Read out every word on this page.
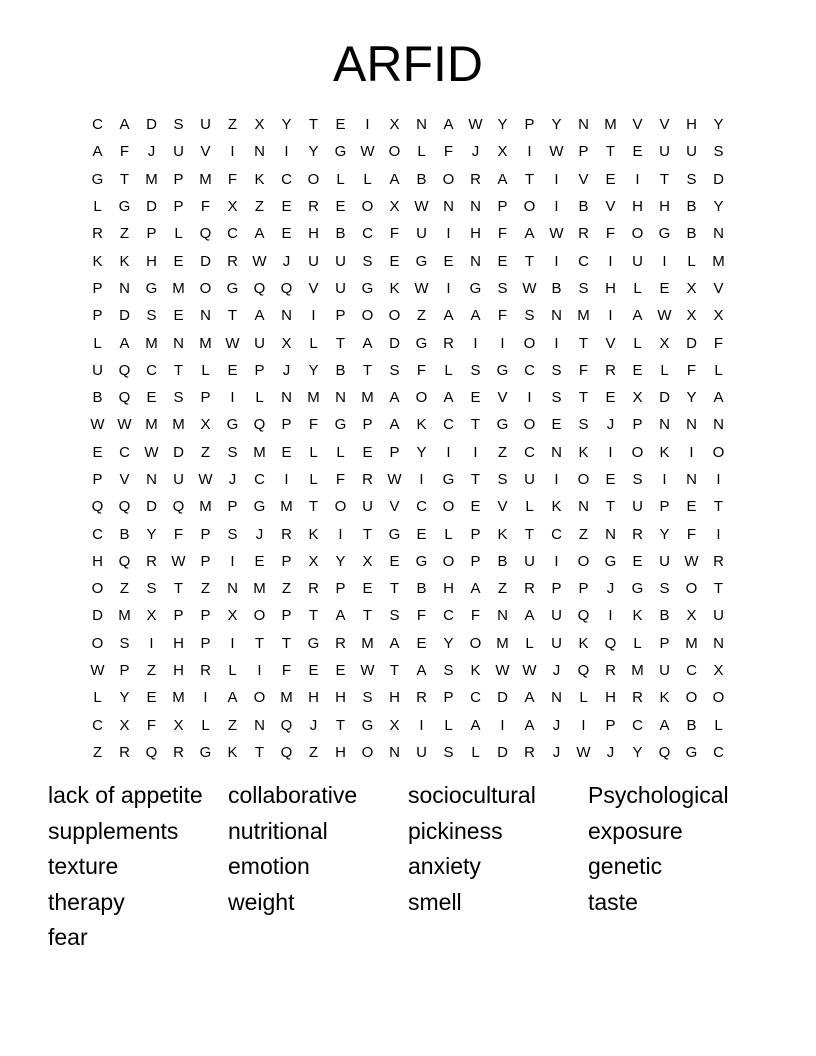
ARFID
C	A	D	S	U	Z	X	Y	T	E	I	X	N	A W Y	P	Y	N	M	V	V	H	Y
A	F	J	U	V	I	N	I	Y	G W O	L	F	J	X	I	W P	T	E	U	U	S
G	T	M	P	M	F	K	C	O	L	L	A	B	O	R	A	T	I	V	E	I	T	S	D
L	G	D	P	F	X	Z	E	R	E	O	X W N	N	P	O	I	B	V	H	H	B	Y
R	Z	P	L	Q	C	A	E	H	B	C	F	U	I	H	F	A W R	F	O	G	B	N
K	K	H	E	D	R W	J	U	U	S	E	G	E	N	E	T	I	C	I	U	I	L	M
P	N	G M O	G	Q	Q	V	U	G	K W	I	G	S W B	S	H	L	E	X	V
P	D	S	E	N	T	A	N	I	P	O	O	Z	A	A	F	S	N	M	I	A W X	X
L	A	M	N	M W U	X	L	T	A	D	G	R	I	I	O	I	T	V	L	X	D	F
U	Q	C	T	L	E	P	J	Y	B	T	S	F	L	S	G	C	S	F	R	E	L	F	L
B	Q	E	S	P	I	L	N	M	N	M	A	O	A	E	V	I	S	T	E	X	D	Y	A
W W M M	X	G	Q	P	F	G	P	A	K	C	T	G	O	E	S	J	P	N	N	N
E	C W D	Z	S	M	E	L	L	E	P	Y	I	I	Z	C	N	K	I	O	K	I	O
P	V	N	U W	J	C	I	L	F	R W	I	G	T	S	U	I	O	E	S	I	N	I
Q	Q	D	Q M	P	G M	T	O	U	V	C	O	E	V	L	K	N	T	U	P	E	T
C	B	Y	F	P	S	J	R	K	I	T	G	E	L	P	K	T	C	Z	N	R	Y	F	I
H	Q	R W P	I	E	P	X	Y	X	E	G	O	P	B	U	I	O	G	E	U W R
O	Z	S	T	Z	N	M	Z	R	P	E	T	B	H	A	Z	R	P	P	J	G	S	O	T
D	M	X	P	P	X	O	P	T	A	T	S	F	C	F	N	A	U	Q	I	K	B	X	U
O	S	I	H	P	I	T	T	G	R	M	A	E	Y	O M	L	U	K	Q	L	P	M	N
W P	Z	H	R	L	I	F	E	E W	T	A	S	K W W	J	Q	R	M	U	C	X
L	Y	E	M	I	A	O M	H	H	S	H	R	P	C	D	A	N	L	H	R	K	O	O
C	X	F	X	L	Z	N	Q	J	T	G	X	I	L	A	I	A	J	I	P	C	A	B	L
Z	R	Q	R	G	K	T	Q	Z	H	O	N	U	S	L	D	R	J	W	J	Y	Q	G	C
lack of appetite	collaborative	sociocultural	Psychological
supplements	nutritional	pickiness	exposure
texture	emotion	anxiety	genetic
therapy	weight	smell	taste
fear
